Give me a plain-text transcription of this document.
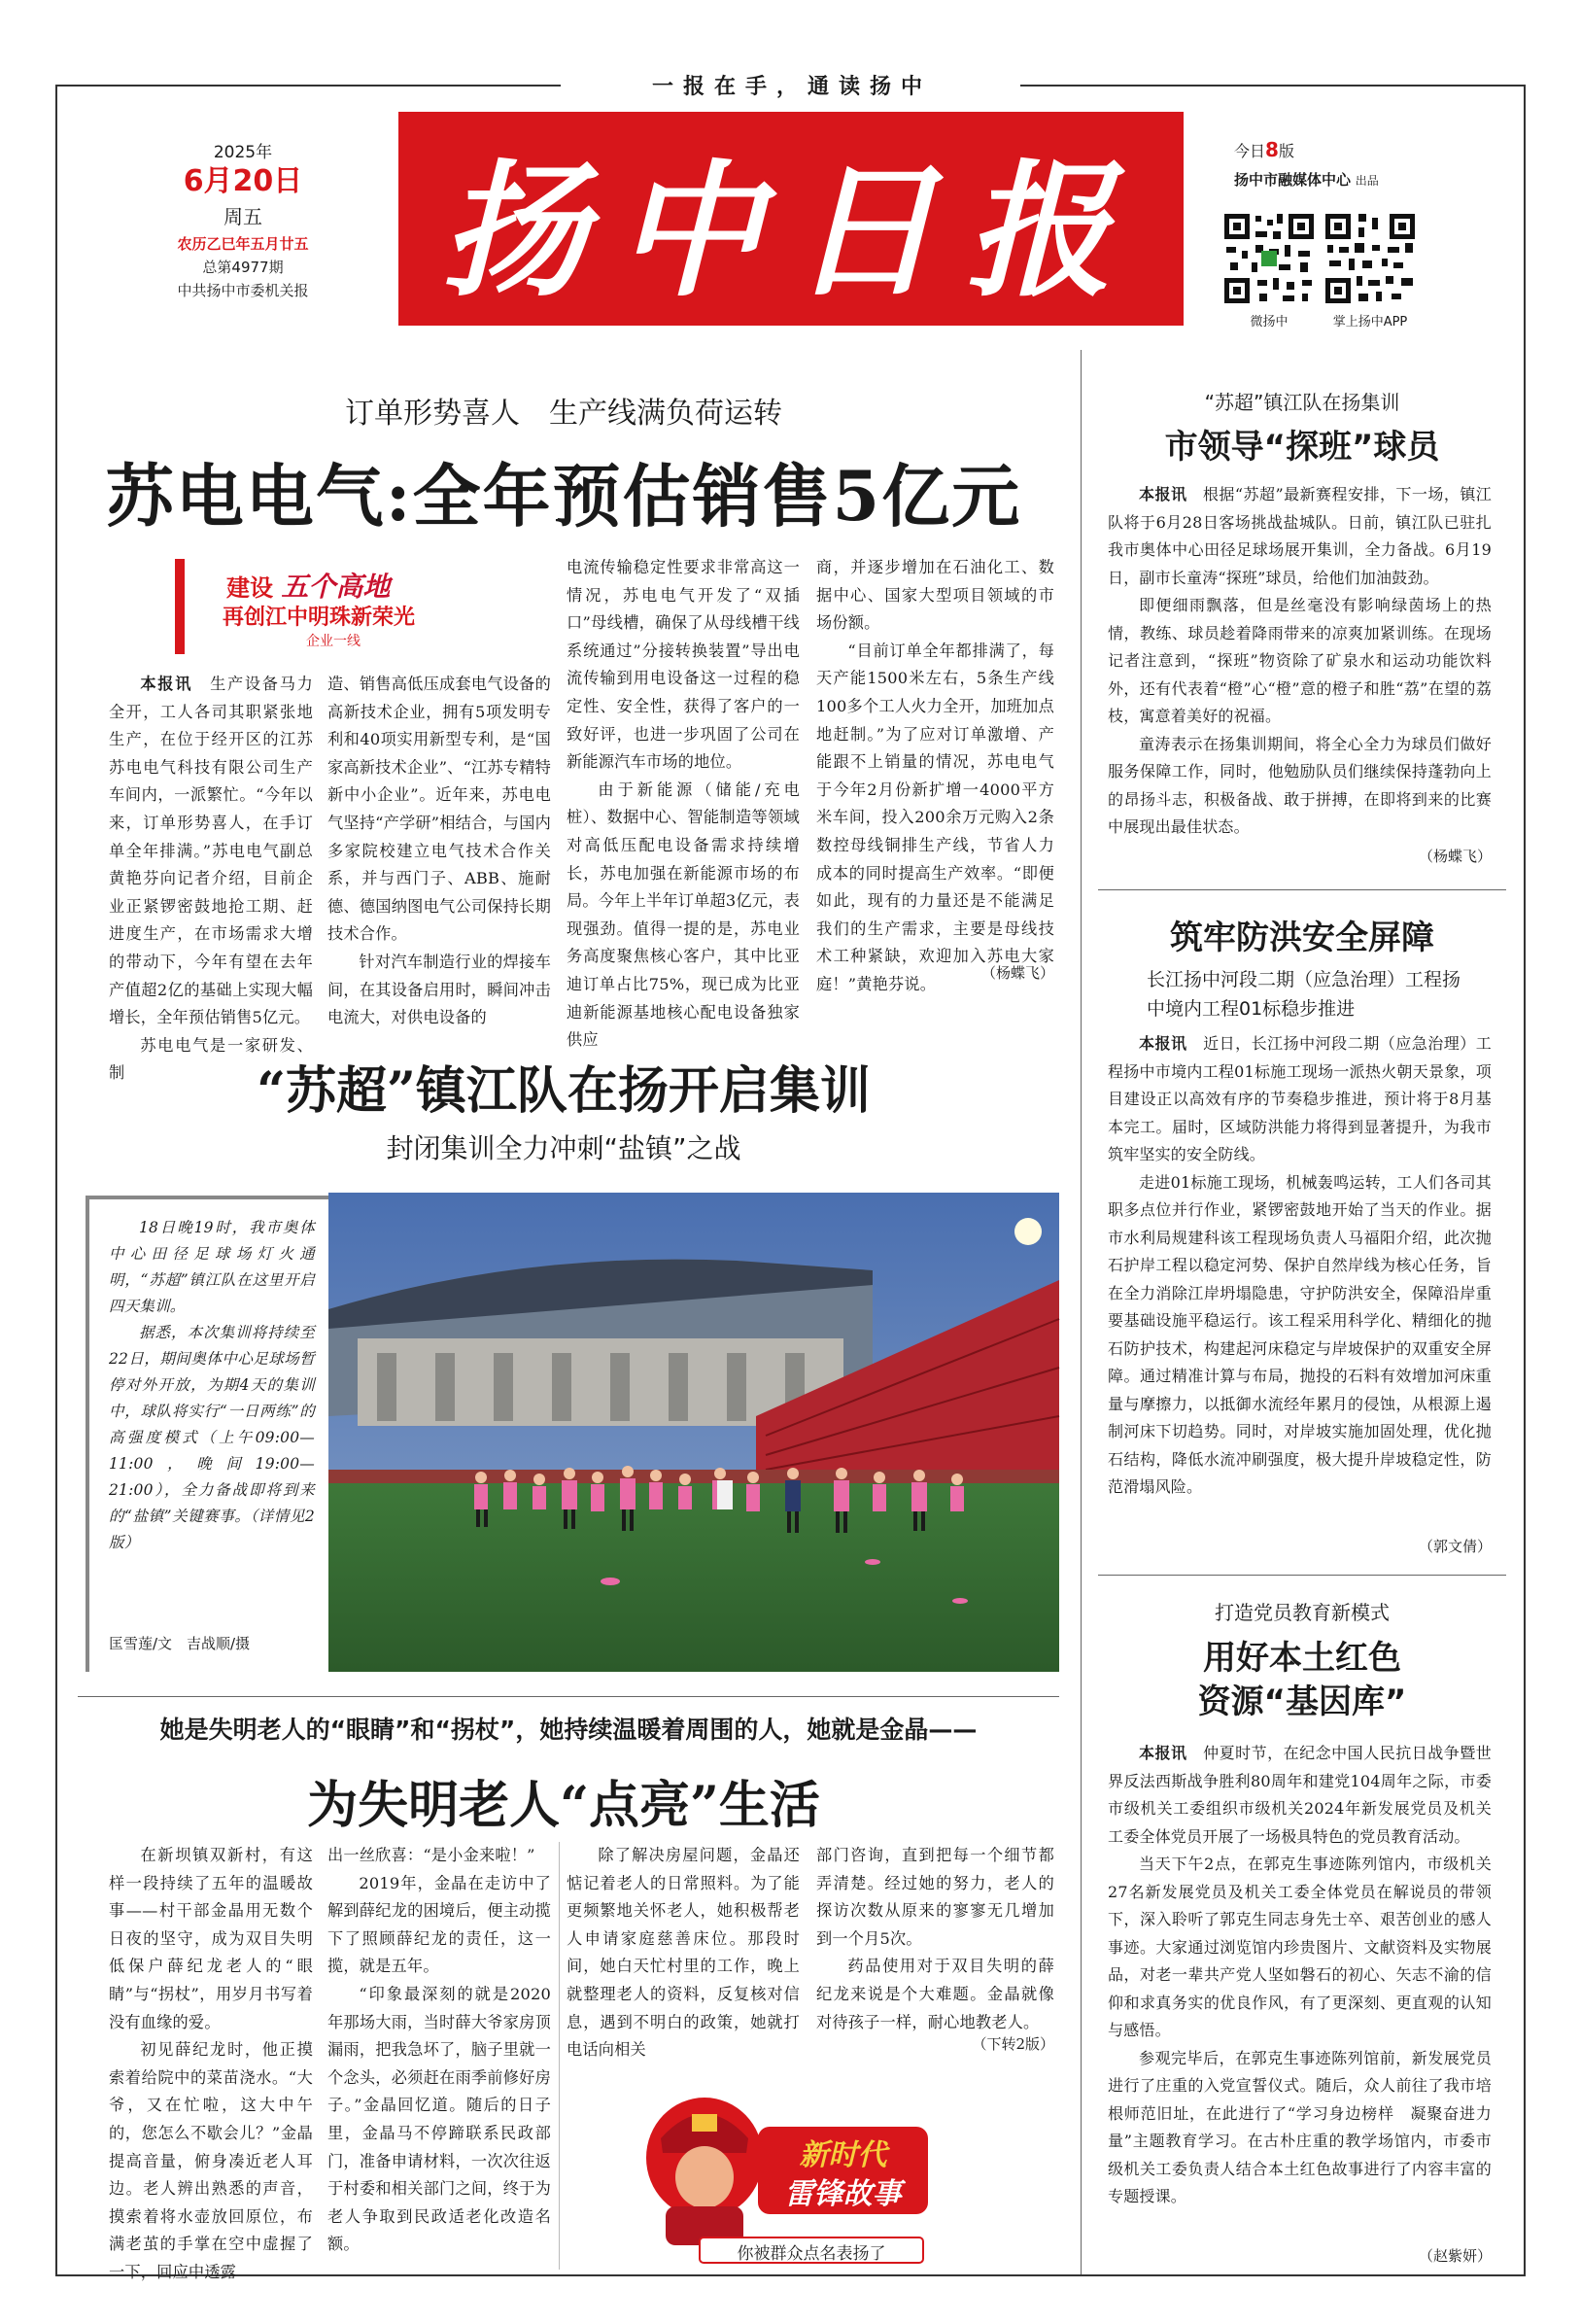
一报在手，通读扬中
2025年
6月20日
周五
农历乙巳年五月廿五
总第4977期
中共扬中市委机关报 扬中日报	今日8版
扬中市融媒体中心 出品
微扬中	掌上扬中APP
订单形势喜人　生产线满负荷运转
苏电电气:全年预估销售5亿元
建设 五个高地
再创江中明珠新荣光
企业一线

本报讯　 生产设备马力全开，工人各司其职紧张地生产，在位于经开区的江苏苏电电气科技有限公司生产车间内，一派繁忙。“今年以来，订单形势喜人，在手订单全年排满。”苏电电气副总黄艳芬向记者介绍，目前企业正紧锣密鼓地抢工期、赶进度生产，在市场需求大增的带动下，今年有望在去年产值超2亿的基础上实现大幅增长，全年预估销售5亿元。

苏电电气是一家研发、制

造、销售高低压成套电气设备的高新技术企业，拥有5项发明专利和40项实用新型专利，是“国家高新技术企业”、“江苏专精特新中小企业”。近年来，苏电电气坚持“产学研”相结合，与国内多家院校建立电气技术合作关系，并与西门子、ABB、施耐德、德国纳图电气公司保持长期技术合作。

针对汽车制造行业的焊接车间，在其设备启用时，瞬间冲击电流大，对供电设备的

电流传输稳定性要求非常高这一情况，苏电电气开发了“双插口”母线槽，确保了从母线槽干线系统通过”分接转换装置”导出电流传输到用电设备这一过程的稳定性、安全性，获得了客户的一致好评，也进一步巩固了公司在新能源汽车市场的地位。

由于新能源（储能/充电桩）、数据中心、智能制造等领域对高低压配电设备需求持续增长，苏电加强在新能源市场的布局。今年上半年订单超3亿元，表现强劲。值得一提的是，苏电业务高度聚焦核心客户，其中比亚迪订单占比75%，现已成为比亚迪新能源基地核心配电设备独家供应

商，并逐步增加在石油化工、数据中心、国家大型项目领域的市场份额。

“目前订单全年都排满了，每天产能1500米左右，5条生产线100多个工人火力全开，加班加点地赶制。”为了应对订单激增、产能跟不上销量的情况，苏电电气于今年2月份新扩增一4000平方米车间，投入200余万元购入2条数控母线铜排生产线，节省人力成本的同时提高生产效率。“即便如此，现有的力量还是不能满足我们的生产需求，主要是母线技术工种紧缺，欢迎加入苏电大家庭！”黄艳芬说。

（杨蝶飞）
“苏超”镇江队在扬开启集训
封闭集训全力冲刺“盐镇”之战

18日晚19时，我市奥体中心田径足球场灯火通明，“苏超”镇江队在这里开启四天集训。

据悉，本次集训将持续至22日，期间奥体中心足球场暂停对外开放，为期4天的集训中，球队将实行“一日两练”的高强度模式（上午09:00—11:00，晚间19:00—21:00），全力备战即将到来的“盐镇”关键赛事。（详情见2版）

匡雪莲/文　吉战顺/摄
“苏超”镇江队在扬集训
市领导“探班”球员

本报讯　 根据“苏超”最新赛程安排，下一场，镇江队将于6月28日客场挑战盐城队。日前，镇江队已驻扎我市奥体中心田径足球场展开集训，全力备战。6月19日，副市长童涛“探班”球员，给他们加油鼓劲。

即便细雨飘落，但是丝毫没有影响绿茵场上的热情，教练、球员趁着降雨带来的凉爽加紧训练。在现场记者注意到，“探班”物资除了矿泉水和运动功能饮料外，还有代表着“橙”心“橙”意的橙子和胜“荔”在望的荔枝，寓意着美好的祝福。

童涛表示在扬集训期间，将全心全力为球员们做好服务保障工作，同时，他勉励队员们继续保持蓬勃向上的昂扬斗志，积极备战、敢于拼搏，在即将到来的比赛中展现出最佳状态。

（杨蝶飞）
筑牢防洪安全屏障
长江扬中河段二期（应急治理）工程扬中境内工程01标稳步推进

本报讯　 近日，长江扬中河段二期（应急治理）工程扬中市境内工程01标施工现场一派热火朝天景象，项目建设正以高效有序的节奏稳步推进，预计将于8月基本完工。届时，区域防洪能力将得到显著提升，为我市筑牢坚实的安全防线。

走进01标施工现场，机械轰鸣运转，工人们各司其职多点位并行作业，紧锣密鼓地开始了当天的作业。据市水利局规建科该工程现场负责人马福阳介绍，此次抛石护岸工程以稳定河势、保护自然岸线为核心任务，旨在全力消除江岸坍塌隐患，守护防洪安全，保障沿岸重要基础设施平稳运行。该工程采用科学化、精细化的抛石防护技术，构建起河床稳定与岸坡保护的双重安全屏障。通过精准计算与布局，抛投的石料有效增加河床重量与摩擦力，以抵御水流经年累月的侵蚀，从根源上遏制河床下切趋势。同时，对岸坡实施加固处理，优化抛石结构，降低水流冲刷强度，极大提升岸坡稳定性，防范滑塌风险。

（郭文倩）
打造党员教育新模式
用好本土红色
资源“基因库”

本报讯　 仲夏时节，在纪念中国人民抗日战争暨世界反法西斯战争胜利80周年和建党104周年之际，市委市级机关工委组织市级机关2024年新发展党员及机关工委全体党员开展了一场极具特色的党员教育活动。

当天下午2点，在郭克生事迹陈列馆内，市级机关27名新发展党员及机关工委全体党员在解说员的带领下，深入聆听了郭克生同志身先士卒、艰苦创业的感人事迹。大家通过浏览馆内珍贵图片、文献资料及实物展品，对老一辈共产党人坚如磐石的初心、矢志不渝的信仰和求真务实的优良作风，有了更深刻、更直观的认知与感悟。

参观完毕后，在郭克生事迹陈列馆前，新发展党员进行了庄重的入党宣誓仪式。随后，众人前往了我市培根师范旧址，在此进行了“学习身边榜样　凝聚奋进力量”主题教育学习。在古朴庄重的教学场馆内，市委市级机关工委负责人结合本土红色故事进行了内容丰富的专题授课。

（赵紫妍）
她是失明老人的“眼睛”和“拐杖”，她持续温暖着周围的人，她就是金晶——
为失明老人“点亮”生活

在新坝镇双新村，有这样一段持续了五年的温暖故事——村干部金晶用无数个日夜的坚守，成为双目失明低保户薛纪龙老人的“眼睛”与“拐杖”，用岁月书写着没有血缘的爱。

初见薛纪龙时，他正摸索着给院中的菜苗浇水。“大爷，又在忙啦，这大中午的，您怎么不歇会儿？”金晶提高音量，俯身凑近老人耳边。老人辨出熟悉的声音，摸索着将水壶放回原位，布满老茧的手掌在空中虚握了一下，回应中透露

出一丝欣喜：“是小金来啦！”

2019年，金晶在走访中了解到薛纪龙的困境后，便主动揽下了照顾薛纪龙的责任，这一揽，就是五年。

“印象最深刻的就是2020年那场大雨，当时薛大爷家房顶漏雨，把我急坏了，脑子里就一个念头，必须赶在雨季前修好房子。”金晶回忆道。随后的日子里，金晶马不停蹄联系民政部门，准备申请材料，一次次往返于村委和相关部门之间，终于为老人争取到民政适老化改造名额。

除了解决房屋问题，金晶还惦记着老人的日常照料。为了能更频繁地关怀老人，她积极帮老人申请家庭慈善床位。那段时间，她白天忙村里的工作，晚上就整理老人的资料，反复核对信息，遇到不明白的政策，她就打电话向相关

部门咨询，直到把每一个细节都弄清楚。经过她的努力，老人的探访次数从原来的寥寥无几增加到一个月5次。

药品使用对于双目失明的薛纪龙来说是个大难题。金晶就像对待孩子一样，耐心地教老人。

（下转2版）
新时代
雷锋故事
你被群众点名表扬了
